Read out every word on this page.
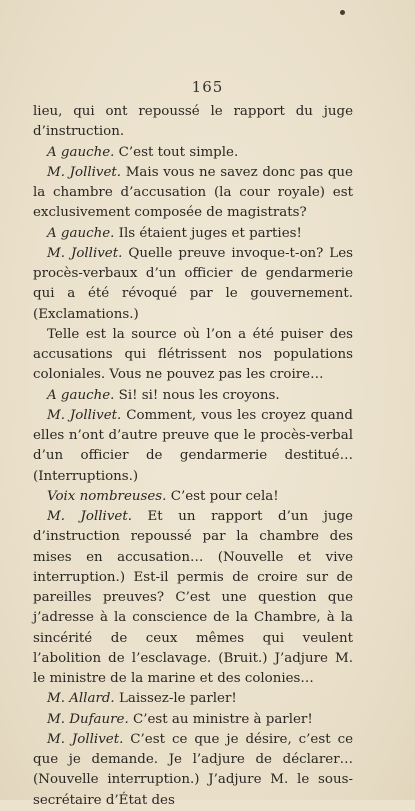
165

lieu, qui ont repoussé le rapport du juge d’instruction.

A gauche. C’est tout simple.

M. Jollivet. Mais vous ne savez donc pas que la chambre d’accusation (la cour royale) est exclusivement composée de magistrats?

A gauche. Ils étaient juges et parties!

M. Jollivet. Quelle preuve invoque-t-on? Les procès-verbaux d’un officier de gendarmerie qui a été révoqué par le gouvernement. (Exclamations.)

Telle est la source où l’on a été puiser des accusations qui flétrissent nos populations coloniales. Vous ne pouvez pas les croire…

A gauche. Si! si! nous les croyons.

M. Jollivet. Comment, vous les croyez quand elles n’ont d’autre preuve que le procès-verbal d’un officier de gendarmerie destitué… (Interruptions.)

Voix nombreuses. C’est pour cela!

M. Jollivet. Et un rapport d’un juge d’instruction repoussé par la chambre des mises en accusation… (Nouvelle et vive interruption.) Est-il permis de croire sur de pareilles preuves? C’est une question que j’adresse à la conscience de la Chambre, à la sincérité de ceux mêmes qui veulent l’abolition de l’esclavage. (Bruit.) J’adjure M. le ministre de la marine et des colonies…

M. Allard. Laissez-le parler!

M. Dufaure. C’est au ministre à parler!

M. Jollivet. C’est ce que je désire, c’est ce que je demande. Je l’adjure de déclarer… (Nouvelle interruption.) J’adjure M. le sous-secrétaire d’État des
